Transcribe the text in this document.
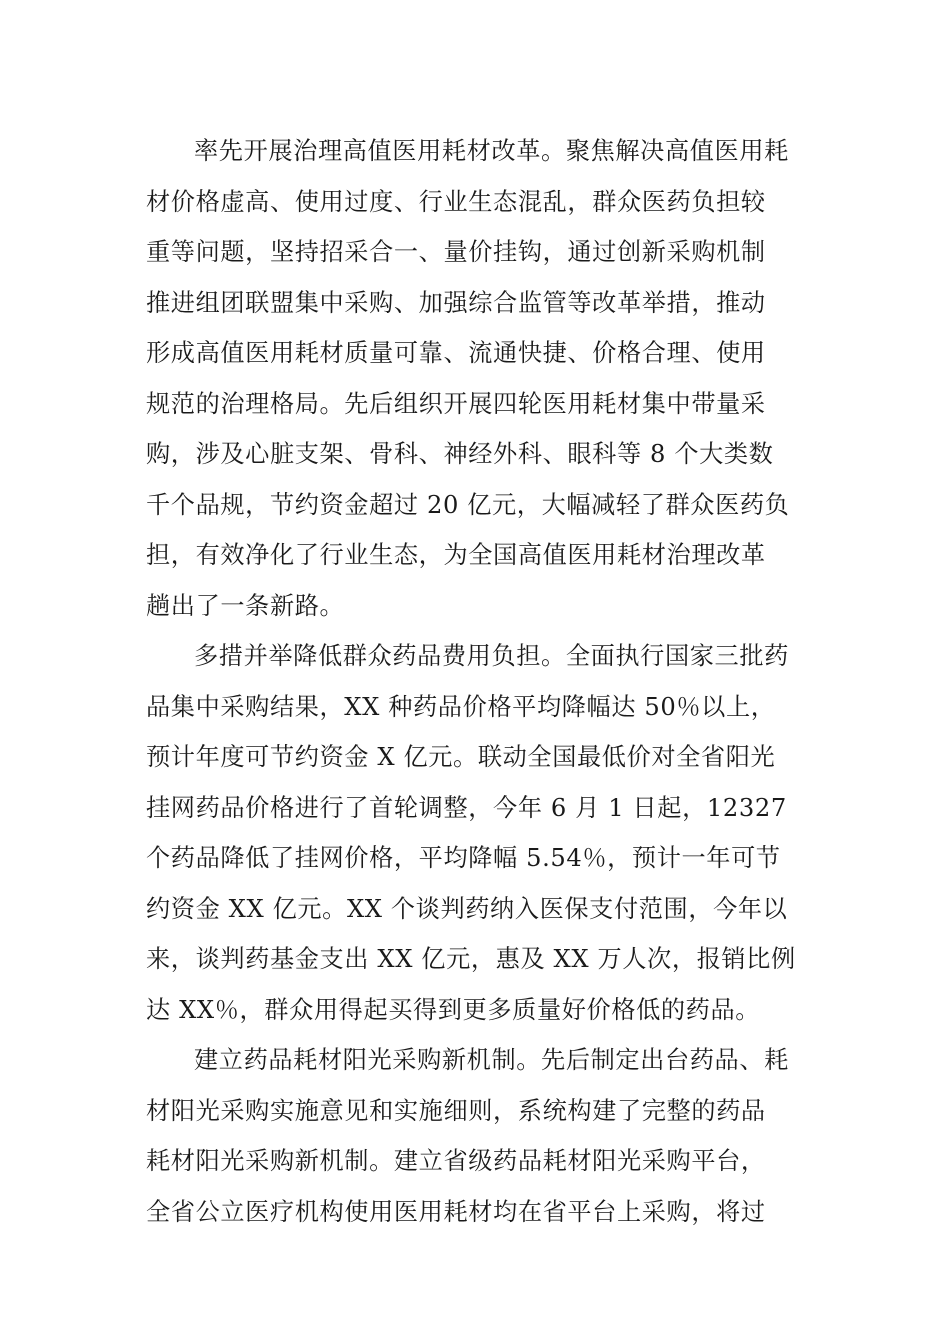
率先开展治理高值医用耗材改革。聚焦解决高值医用耗
材价格虚高、使用过度、行业生态混乱，群众医药负担较
重等问题，坚持招采合一、量价挂钩，通过创新采购机制
推进组团联盟集中采购、加强综合监管等改革举措，推动
形成高值医用耗材质量可靠、流通快捷、价格合理、使用
规范的治理格局。先后组织开展四轮医用耗材集中带量采
购，涉及心脏支架、骨科、神经外科、眼科等 8 个大类数
千个品规，节约资金超过 20 亿元，大幅减轻了群众医药负
担，有效净化了行业生态，为全国高值医用耗材治理改革
趟出了一条新路。
多措并举降低群众药品费用负担。全面执行国家三批药
品集中采购结果，XX 种药品价格平均降幅达 50％以上，
预计年度可节约资金 X 亿元。联动全国最低价对全省阳光
挂网药品价格进行了首轮调整，今年 6 月 1 日起，12327
个药品降低了挂网价格，平均降幅 5.54％，预计一年可节
约资金 XX 亿元。XX 个谈判药纳入医保支付范围，今年以
来，谈判药基金支出 XX 亿元，惠及 XX 万人次，报销比例
达 XX％，群众用得起买得到更多质量好价格低的药品。
建立药品耗材阳光采购新机制。先后制定出台药品、耗
材阳光采购实施意见和实施细则，系统构建了完整的药品
耗材阳光采购新机制。建立省级药品耗材阳光采购平台，
全省公立医疗机构使用医用耗材均在省平台上采购，将过
